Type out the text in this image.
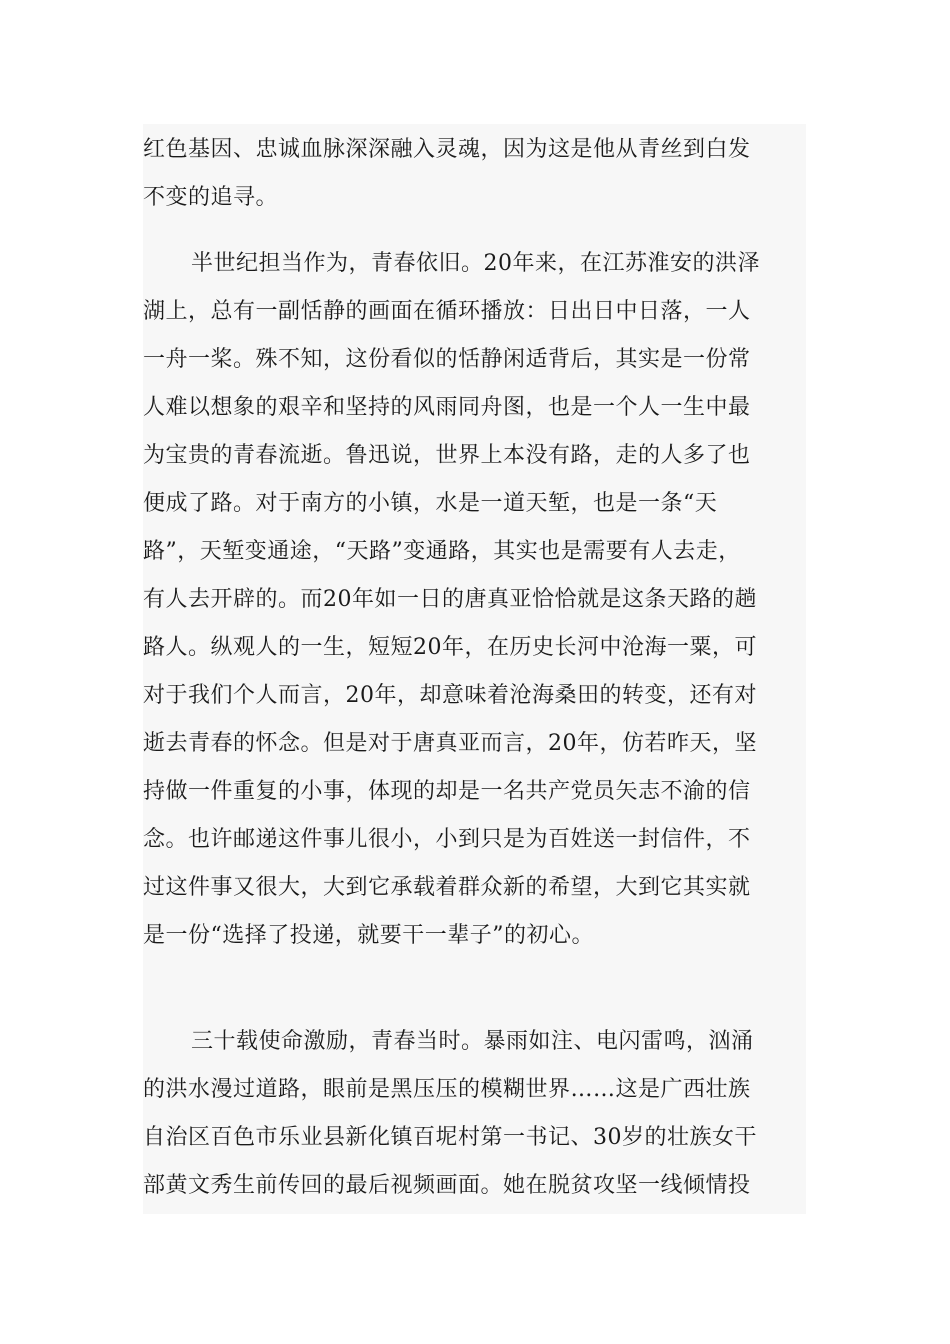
红色基因、忠诚血脉深深融入灵魂，因为这是他从青丝到白发
不变的追寻。
半世纪担当作为，青春依旧。20年来，在江苏淮安的洪泽
湖上，总有一副恬静的画面在循环播放：日出日中日落，一人
一舟一桨。殊不知，这份看似的恬静闲适背后，其实是一份常
人难以想象的艰辛和坚持的风雨同舟图，也是一个人一生中最
为宝贵的青春流逝。鲁迅说，世界上本没有路，走的人多了也
便成了路。对于南方的小镇，水是一道天堑，也是一条“天
路”，天堑变通途，“天路”变通路，其实也是需要有人去走，
有人去开辟的。而20年如一日的唐真亚恰恰就是这条天路的趟
路人。纵观人的一生，短短20年，在历史长河中沧海一粟，可
对于我们个人而言，20年，却意味着沧海桑田的转变，还有对
逝去青春的怀念。但是对于唐真亚而言，20年，仿若昨天，坚
持做一件重复的小事，体现的却是一名共产党员矢志不渝的信
念。也许邮递这件事儿很小，小到只是为百姓送一封信件，不
过这件事又很大，大到它承载着群众新的希望，大到它其实就
是一份“选择了投递，就要干一辈子”的初心。
三十载使命激励，青春当时。暴雨如注、电闪雷鸣，汹涌
的洪水漫过道路，眼前是黑压压的模糊世界……这是广西壮族
自治区百色市乐业县新化镇百坭村第一书记、30岁的壮族女干
部黄文秀生前传回的最后视频画面。她在脱贫攻坚一线倾情投
